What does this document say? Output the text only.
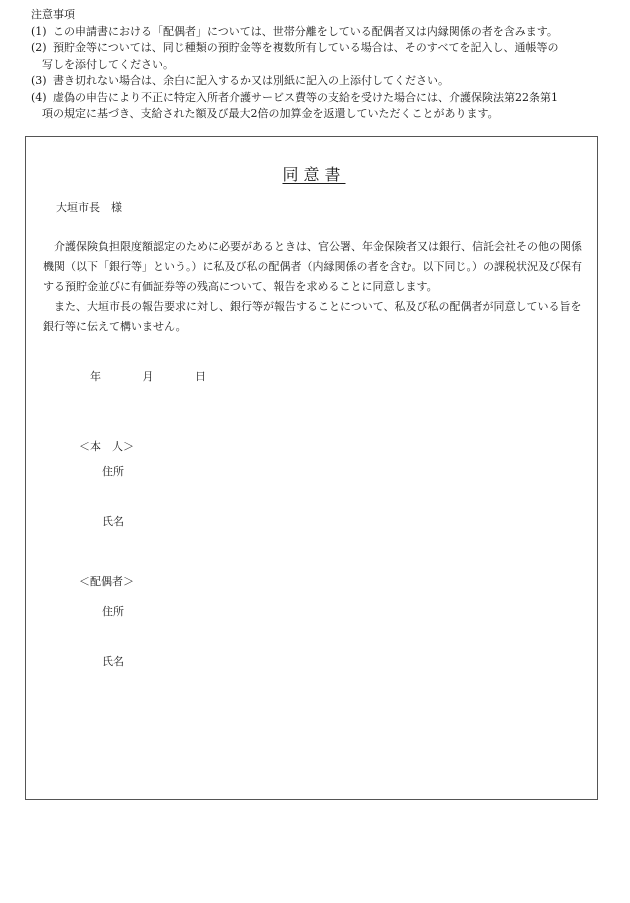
注意事項

(1) この申請書における「配偶者」については、世帯分離をしている配偶者又は内縁関係の者を含みます。
(2) 預貯金等については、同じ種類の預貯金等を複数所有している場合は、そのすべてを記入し、通帳等の
写しを添付してください。
(3) 書き切れない場合は、余白に記入するか又は別紙に記入の上添付してください。
(4) 虚偽の申告により不正に特定入所者介護サービス費等の支給を受けた場合には、介護保険法第22条第1
項の規定に基づき、支給された額及び最大2倍の加算金を返還していただくことがあります。
同意書
大垣市長　様

介護保険負担限度額認定のために必要があるときは、官公署、年金保険者又は銀行、信託会社その他の関係機関（以下「銀行等」という。）に私及び私の配偶者（内縁関係の者を含む。以下同じ。）の課税状況及び保有する預貯金並びに有価証券等の残高について、報告を求めることに同意します。

また、大垣市長の報告要求に対し、銀行等が報告することについて、私及び私の配偶者が同意している旨を銀行等に伝えて構いません。

年	月	日
＜本　人＞
住所
氏名
＜配偶者＞
住所
氏名
